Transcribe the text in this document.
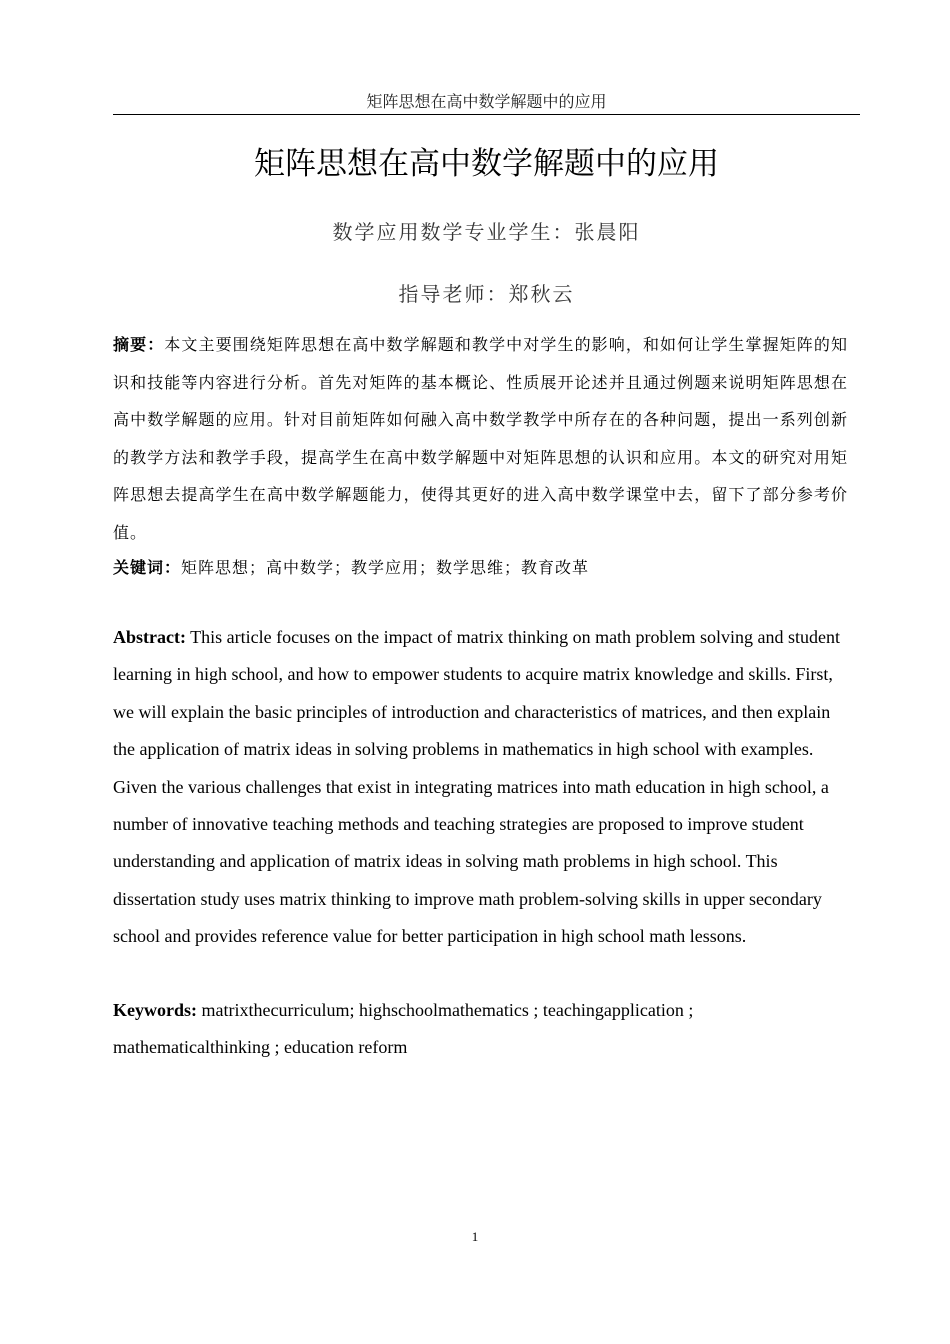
矩阵思想在高中数学解题中的应用
矩阵思想在高中数学解题中的应用
数学应用数学专业学生：张晨阳
指导老师：郑秋云

摘要：本文主要围绕矩阵思想在高中数学解题和教学中对学生的影响，和如何让学生掌握矩阵的知识和技能等内容进行分析。首先对矩阵的基本概论、性质展开论述并且通过例题来说明矩阵思想在高中数学解题的应用。针对目前矩阵如何融入高中数学教学中所存在的各种问题，提出一系列创新的教学方法和教学手段，提高学生在高中数学解题中对矩阵思想的认识和应用。本文的研究对用矩阵思想去提高学生在高中数学解题能力，使得其更好的进入高中数学课堂中去，留下了部分参考价值。

关键词：矩阵思想；高中数学；教学应用；数学思维；教育改革

Abstract: This article focuses on the impact of matrix thinking on math problem solving and student learning in high school, and how to empower students to acquire matrix knowledge and skills. First, we will explain the basic principles of introduction and characteristics of matrices, and then explain the application of matrix ideas in solving problems in mathematics in high school with examples. Given the various challenges that exist in integrating matrices into math education in high school, a number of innovative teaching methods and teaching strategies are proposed to improve student understanding and application of matrix ideas in solving math problems in high school. This dissertation study uses matrix thinking to improve math problem-solving skills in upper secondary school and provides reference value for better participation in high school math lessons.

Keywords: matrixthecurriculum; highschoolmathematics ; teachingapplication ; mathematicalthinking ; education reform

1
